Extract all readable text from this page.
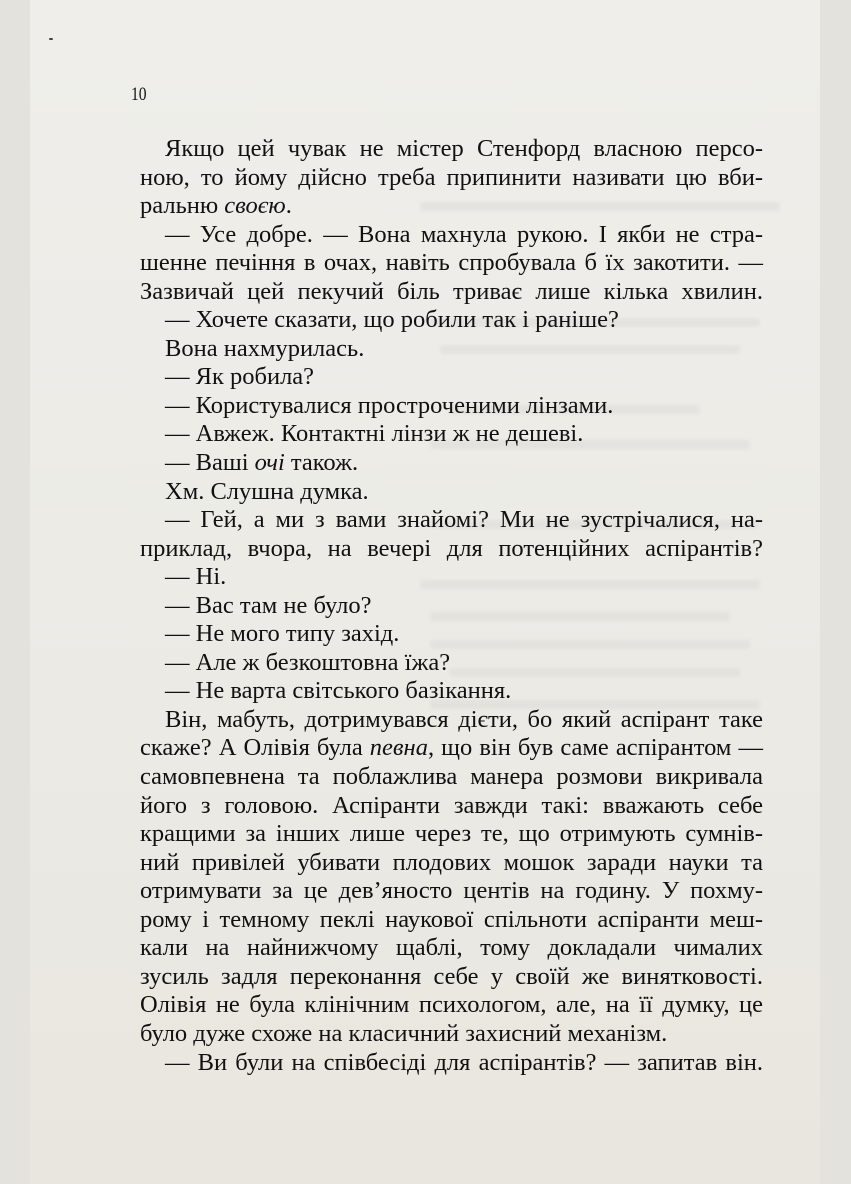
10
Якщо цей чувак не містер Стенфорд власною персо-
ною, то йому дійсно треба припинити називати цю вби-
ральню своєю.
— Усе добре. — Вона махнула рукою. І якби не стра-
шенне печіння в очах, навіть спробувала б їх закотити. —
Зазвичай цей пекучий біль триває лише кілька хвилин.
— Хочете сказати, що робили так і раніше?
Вона нахмурилась.
— Як робила?
— Користувалися простроченими лінзами.
— Авжеж. Контактні лінзи ж не дешеві.
— Ваші очі також.
Хм. Слушна думка.
— Гей, а ми з вами знайомі? Ми не зустрічалися, на-
приклад, вчора, на вечері для потенційних аспірантів?
— Ні.
— Вас там не було?
— Не мого типу захід.
— Але ж безкоштовна їжа?
— Не варта світського базікання.
Він, мабуть, дотримувався дієти, бо який аспірант таке
скаже? А Олівія була певна, що він був саме аспірантом —
самовпевнена та поблажлива манера розмови викривала
його з головою. Аспіранти завжди такі: вважають себе
кращими за інших лише через те, що отримують сумнів-
ний привілей убивати плодових мошок заради науки та
отримувати за це дев’яносто центів на годину. У похму-
рому і темному пеклі наукової спільноти аспіранти меш-
кали на найнижчому щаблі, тому докладали чималих
зусиль задля переконання себе у своїй же винятковості.
Олівія не була клінічним психологом, але, на її думку, це
було дуже схоже на класичний захисний механізм.
— Ви були на співбесіді для аспірантів? — запитав він.
